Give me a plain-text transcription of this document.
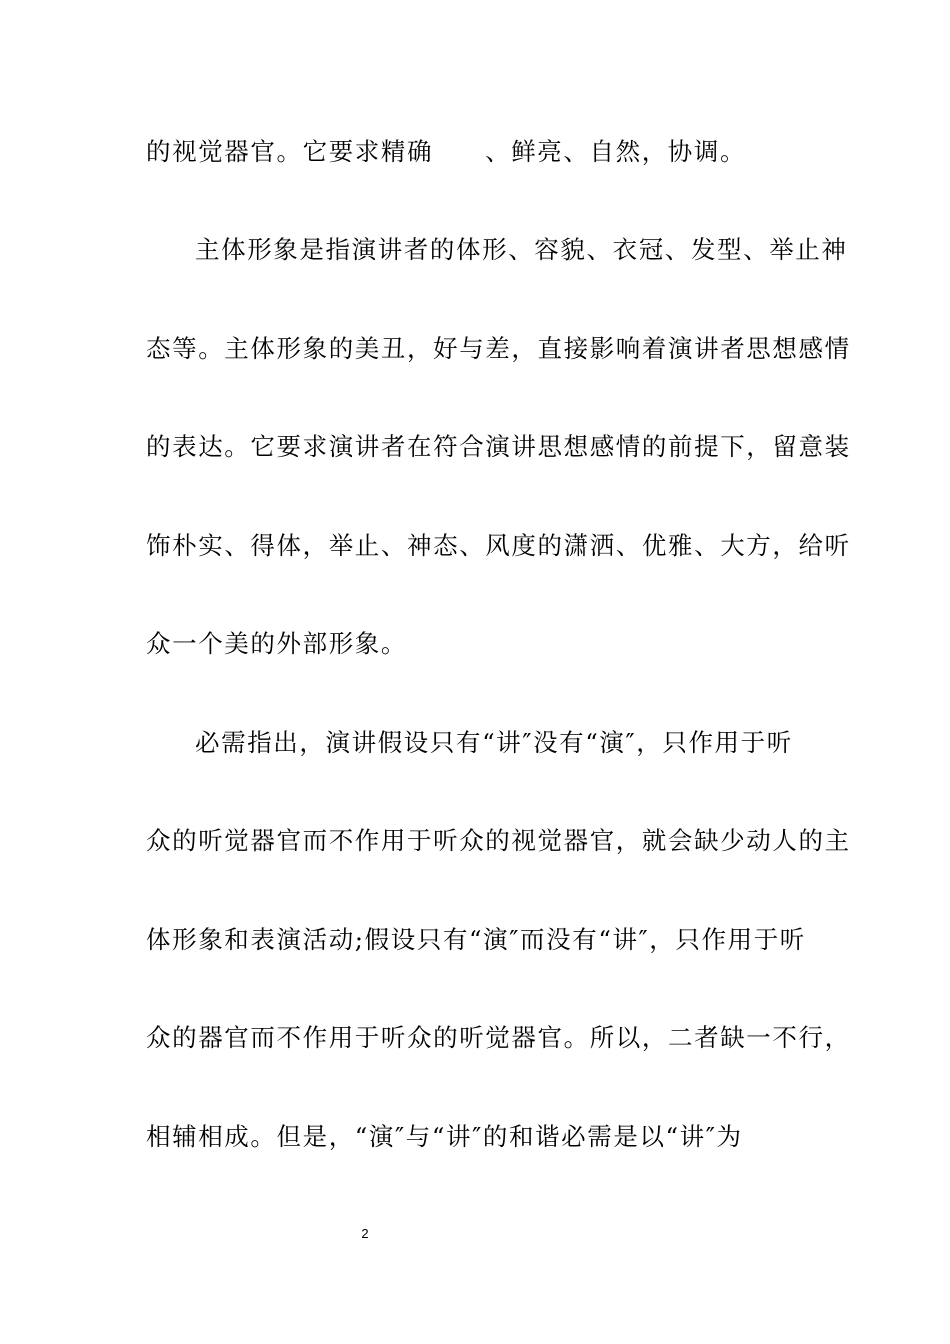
的视觉器官。它要求精确 、鲜亮、自然，协调。
主体形象是指演讲者的体形、容貌、衣冠、发型、举止神
态等。主体形象的美丑，好与差，直接影响着演讲者思想感情
的表达。它要求演讲者在符合演讲思想感情的前提下，留意装
饰朴实、得体，举止、神态、风度的潇洒、优雅、大方，给听
众一个美的外部形象。
必需指出，演讲假设只有“讲″没有“演″，只作用于听
众的听觉器官而不作用于听众的视觉器官，就会缺少动人的主
体形象和表演活动;假设只有“演″而没有“讲″，只作用于听
众的器官而不作用于听众的听觉器官。所以，二者缺一不行，
相辅相成。但是，“演″与“讲″的和谐必需是以“讲″为
2
